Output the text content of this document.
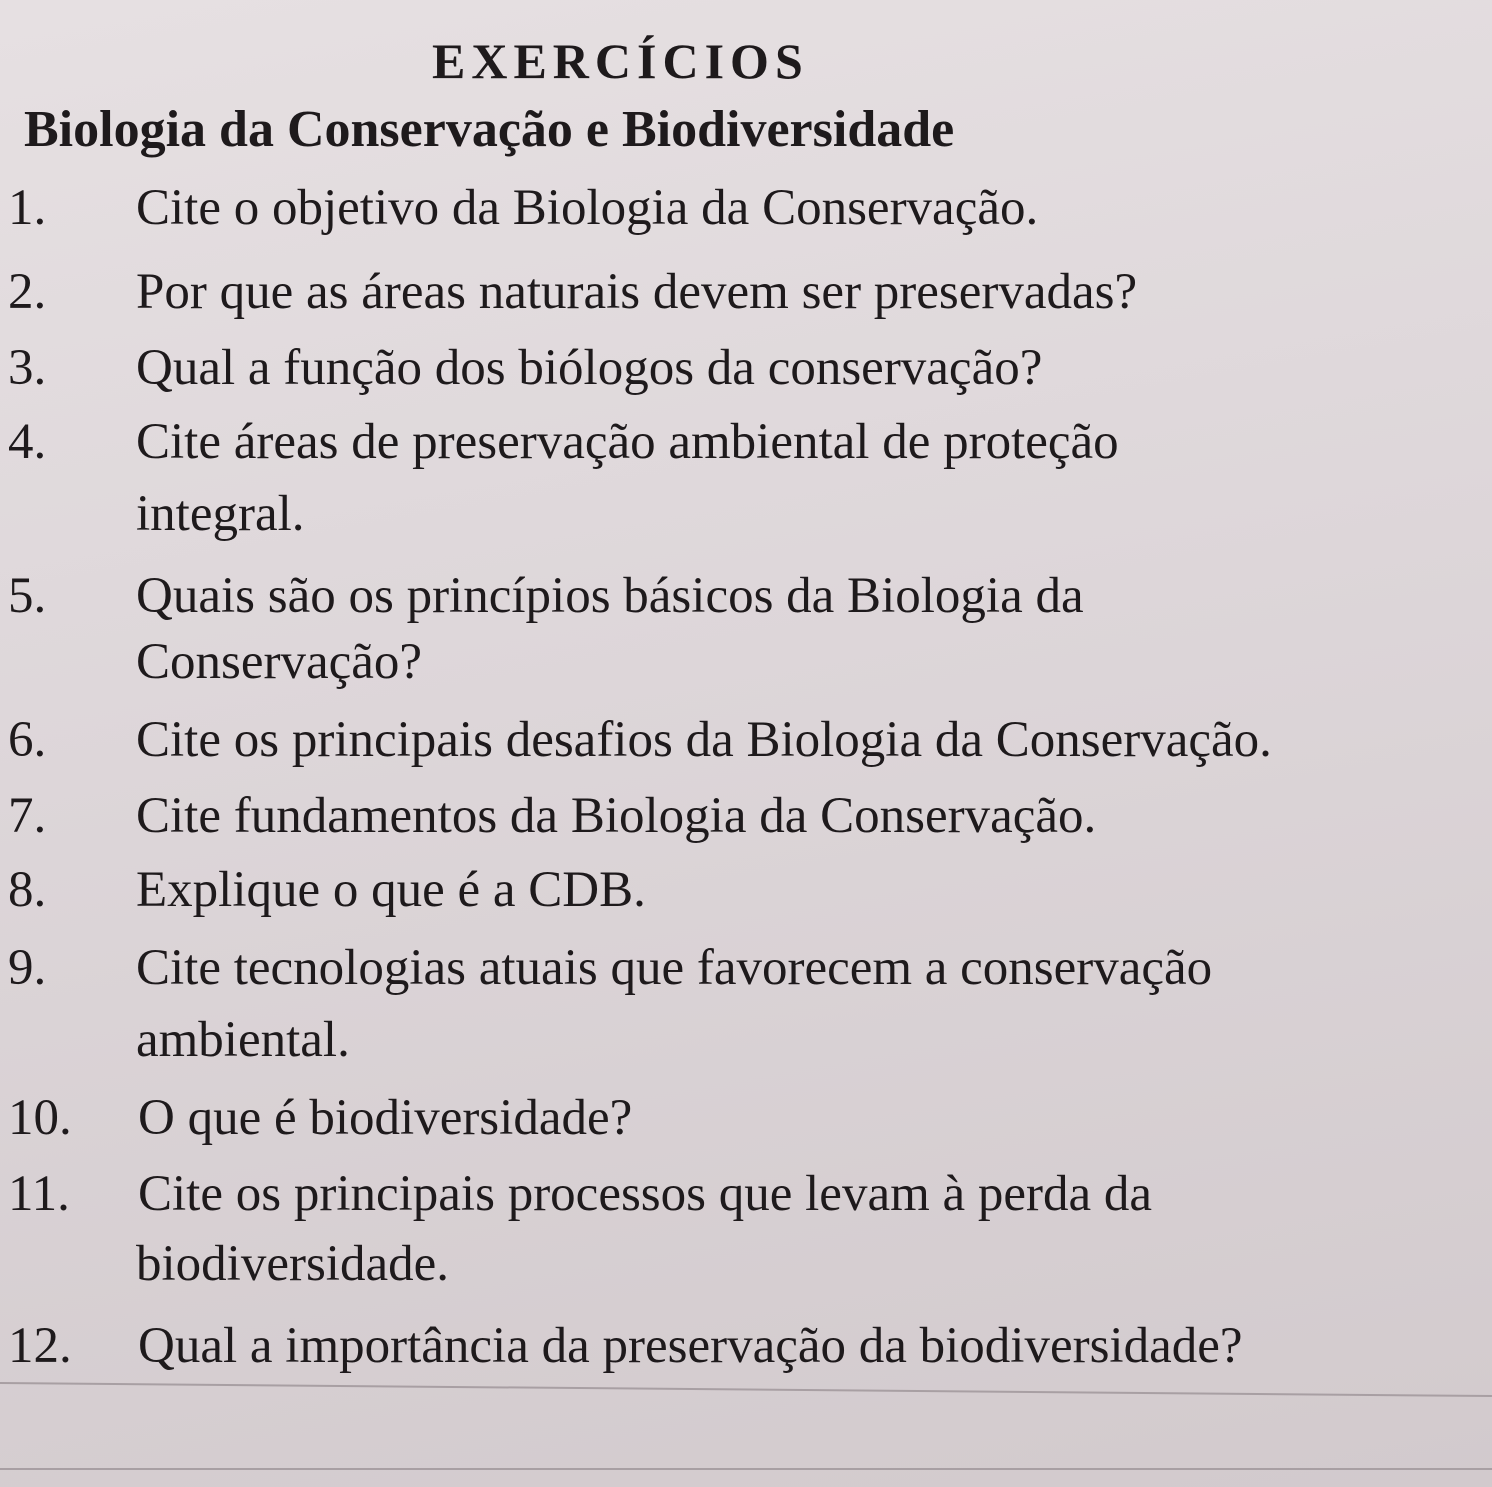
EXERCÍCIOS
Biologia da Conservação e Biodiversidade
1. Cite o objetivo da Biologia da Conservação.
2. Por que as áreas naturais devem ser preservadas?
3. Qual a função dos biólogos da conservação?
4. Cite áreas de preservação ambiental de proteção
integral.
5. Quais são os princípios básicos da Biologia da
Conservação?
6. Cite os principais desafios da Biologia da Conservação.
7. Cite fundamentos da Biologia da Conservação.
8. Explique o que é a CDB.
9. Cite tecnologias atuais que favorecem a conservação
ambiental.
10. O que é biodiversidade?
11. Cite os principais processos que levam à perda da
biodiversidade.
12. Qual a importância da preservação da biodiversidade?
